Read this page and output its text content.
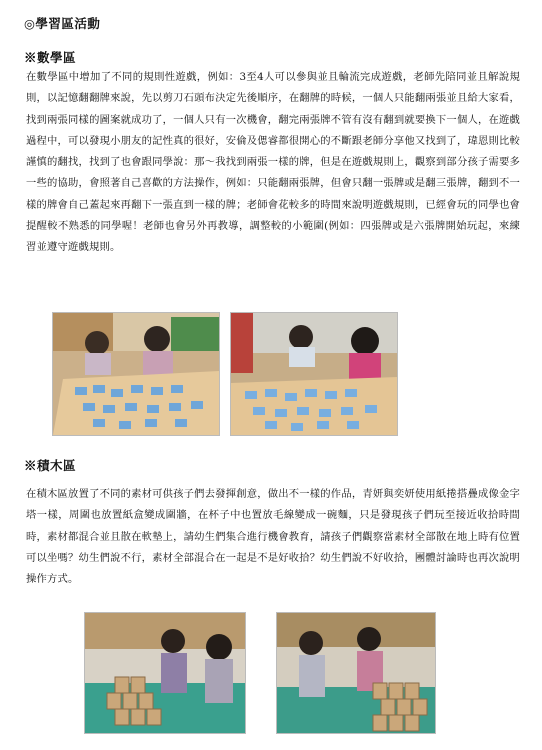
◎學習區活動
※數學區
在數學區中增加了不同的規則性遊戲，例如：3至4人可以參與並且輪流完成遊戲，老師先陪同並且解說規則，以記憶翻翻牌來說，先以剪刀石頭布決定先後順序，在翻牌的時候，一個人只能翻兩張並且給大家看，找到兩張同樣的圖案就成功了，一個人只有一次機會，翻完兩張牌不管有沒有翻到就要換下一個人，在遊戲過程中，可以發現小朋友的記性真的很好，安倫及偲睿都很開心的不斷跟老師分享他又找到了，瑋恩則比較謹慎的翻找，找到了也會跟同學說：那～我找到兩張一樣的牌，但是在遊戲規則上，觀察到部分孩子需要多一些的協助，會照著自己喜歡的方法操作，例如：只能翻兩張牌，但會只翻一張牌或是翻三張牌，翻到不一樣的牌會自己蓋起來再翻下一張直到一樣的牌；老師會花較多的時間來說明遊戲規則，已經會玩的同學也會提醒較不熟悉的同學喔！老師也會另外再教導，調整較的小範圍(例如：四張牌或是六張牌開始玩起，來練習並遵守遊戲規則。
※積木區
在積木區放置了不同的素材可供孩子們去發揮創意，做出不一樣的作品，青妍與奕妍使用紙捲搭疊成像金字塔一樣，周圍也放置紙盒變成圍牆，在杯子中也置放毛線變成一碗麵，只是發現孩子們玩至接近收拾時間時，素材都混合並且散在軟墊上，請幼生們集合進行機會教育，請孩子們觀察當素材全部散在地上時有位置可以坐嗎？幼生們說不行，素材全部混合在一起是不是好收拾？幼生們說不好收拾，團體討論時也再次說明操作方式。
